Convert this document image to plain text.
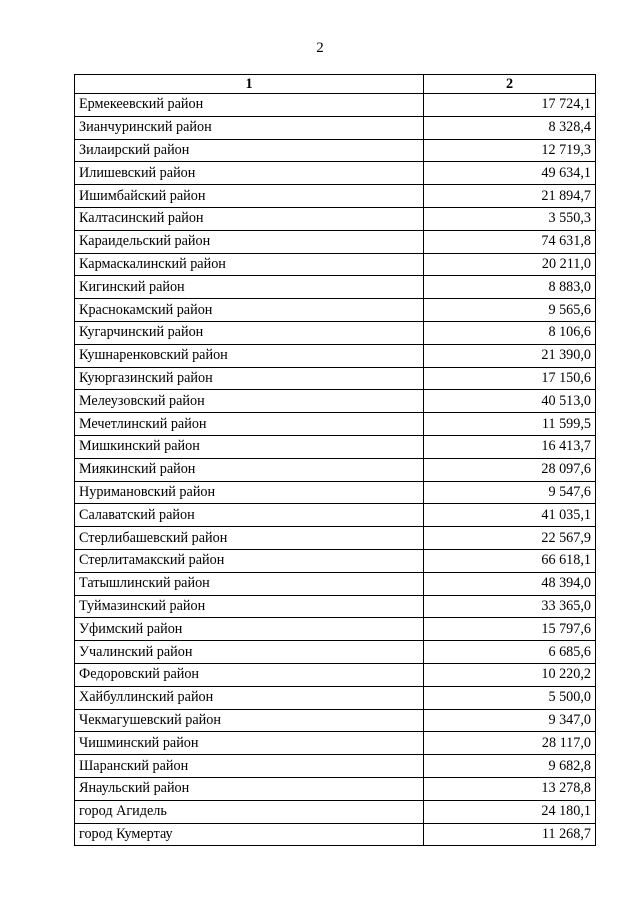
2
1	2
Ермекеевский район	17 724,1
Зианчуринский район	8 328,4
Зилаирский район	12 719,3
Илишевский район	49 634,1
Ишимбайский район	21 894,7
Калтасинский район	3 550,3
Караидельский район	74 631,8
Кармаскалинский район	20 211,0
Кигинский район	8 883,0
Краснокамский район	9 565,6
Кугарчинский район	8 106,6
Кушнаренковский район	21 390,0
Куюргазинский район	17 150,6
Мелеузовский район	40 513,0
Мечетлинский район	11 599,5
Мишкинский район	16 413,7
Миякинский район	28 097,6
Нуримановский район	9 547,6
Салаватский район	41 035,1
Стерлибашевский район	22 567,9
Стерлитамакский район	66 618,1
Татышлинский район	48 394,0
Туймазинский район	33 365,0
Уфимский район	15 797,6
Учалинский район	6 685,6
Федоровский район	10 220,2
Хайбуллинский район	5 500,0
Чекмагушевский район	9 347,0
Чишминский район	28 117,0
Шаранский район	9 682,8
Янаульский район	13 278,8
город Агидель	24 180,1
город Кумертау	11 268,7
